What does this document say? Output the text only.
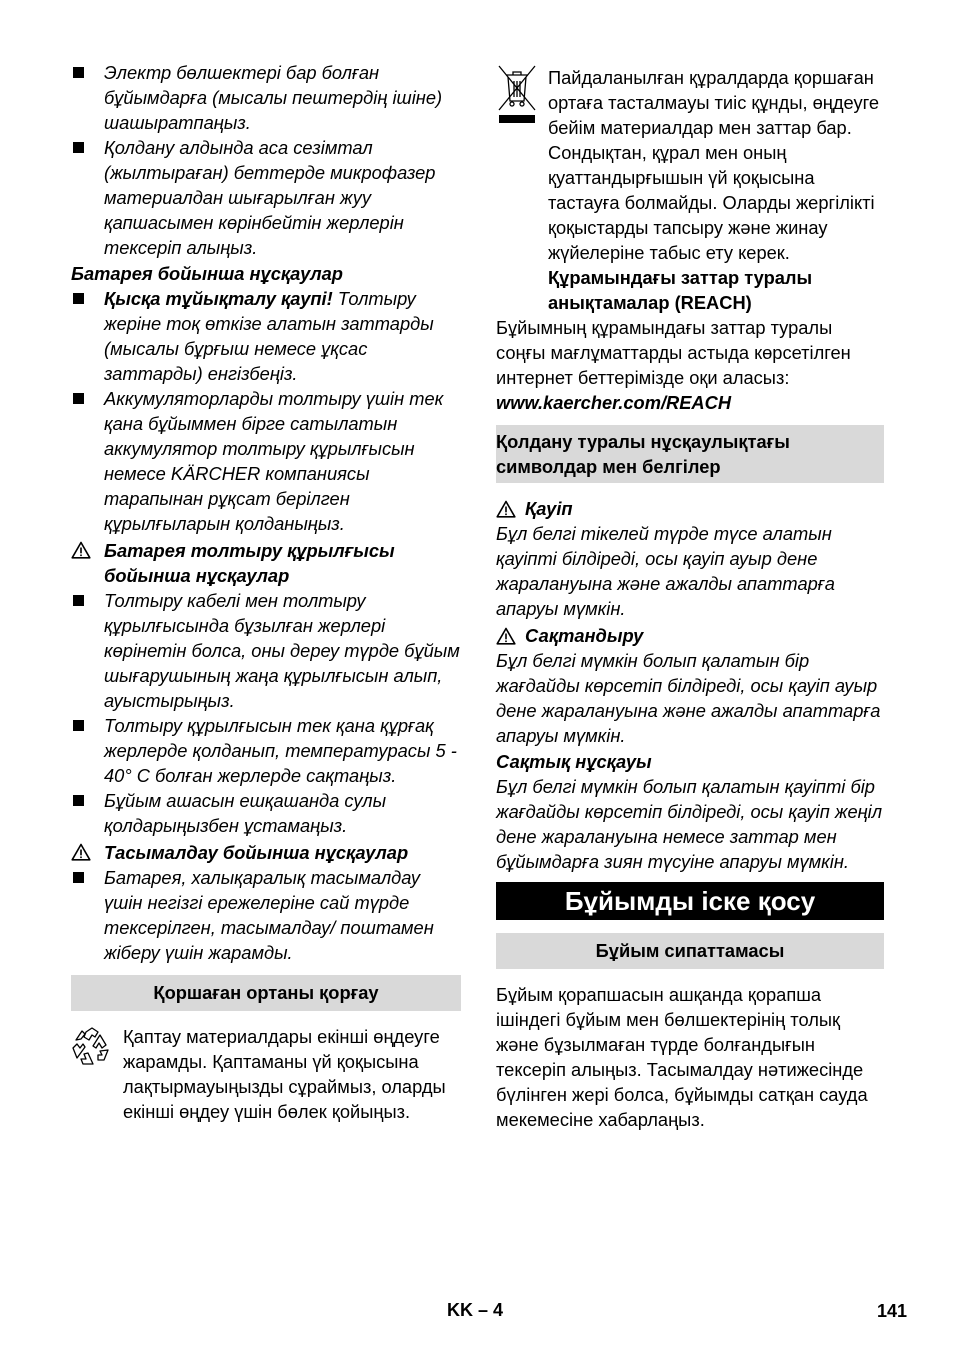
Электр бөлшектері бар болған бұйымдарға (мысалы пештердің ішіне) шашыратпаңыз.
Қолдану алдында аса сезімтал (жылтыраған) беттерде микрофазер материалдан шығарылған жуу қапшасымен көрінбейтін жерлерін тексеріп алыңыз.
Батарея бойынша нұсқаулар
Қысқа тұйықталу қаупі! Толтыру жеріне тоқ өткізе алатын заттарды (мысалы бұрғыш немесе ұқсас заттарды) енгізбеңіз.
Аккумуляторларды толтыру үшін тек қана бұйыммен бірге сатылатын аккумулятор толтыру құрылғысын немесе KÄRCHER компаниясы тарапынан рұқсат берілген құрылғыларын қолданыңыз.
Батарея толтыру құрылғысы бойынша нұсқаулар
Толтыру кабелі мен толтыру құрылғысында бұзылған жерлері көрінетін болса, оны дереу түрде бұйым шығарушының жаңа құрылғысын алып, ауыстырыңыз.
Толтыру құрылғысын тек қана құрғақ жерлерде қолданып, температурасы 5 - 40° C болған жерлерде сақтаңыз.
Бұйым ашасын ешқашанда сулы қолдарыңызбен ұстамаңыз.
Тасымалдау бойынша нұсқаулар
Батарея, халықаралық тасымалдау үшін негізгі ережелеріне сай түрде тексерілген, тасымалдау/ поштамен жіберу үшін жарамды.
Қоршаған ортаны қорғау
Қаптау материалдары екінші өңдеуге жарамды. Қаптаманы үй қоқысына лақтырмауыңызды сұраймыз, оларды екінші өңдеу үшін бөлек қойыңыз.
Пайдаланылған құралдарда қоршаған ортаға тасталмауы тиіс құнды, өңдеуге бейім материалдар мен заттар бар. Сондықтан, құрал мен оның қуаттандырғышын үй қоқысына тастауға болмайды. Оларды жергілікті қоқыстарды тапсыру және жинау жүйелеріне табыс ету керек.
Құрамындағы заттар туралы анықтамалар (REACH)
Бұйымның құрамындағы заттар туралы соңғы мағлұматтарды астыда көрсетілген интернет беттерімізде оқи аласыз:
www.kaercher.com/REACH
Қолдану туралы нұсқаулықтағы символдар мен белгілер
Қауіп
Бұл белгі тікелей түрде түсе алатын қауіпті білдіреді, осы қауіп ауыр дене жаралануына және ажалды апаттарға апаруы мүмкін.
Сақтандыру
Бұл белгі мүмкін болып қалатын бір жағдайды көрсетіп білдіреді, осы қауіп ауыр дене жаралануына және ажалды апаттарға апаруы мүмкін.
Сақтық нұсқауы
Бұл белгі мүмкін болып қалатын қауіпті бір жағдайды көрсетіп білдіреді, осы қауіп жеңіл дене жаралануына немесе заттар мен бұйымдарға зиян түсуіне апаруы мүмкін.
Бұйымды іске қосу
Бұйым сипаттамасы
Бұйым қорапшасын ашқанда қорапша ішіндегі бұйым мен бөлшектерінің толық және бұзылмаған түрде болғандығын тексеріп алыңыз. Тасымалдау нәтижесінде бүлінген жері болса, бұйымды сатқан сауда мекемесіне хабарлаңыз.
KK – 4	141
